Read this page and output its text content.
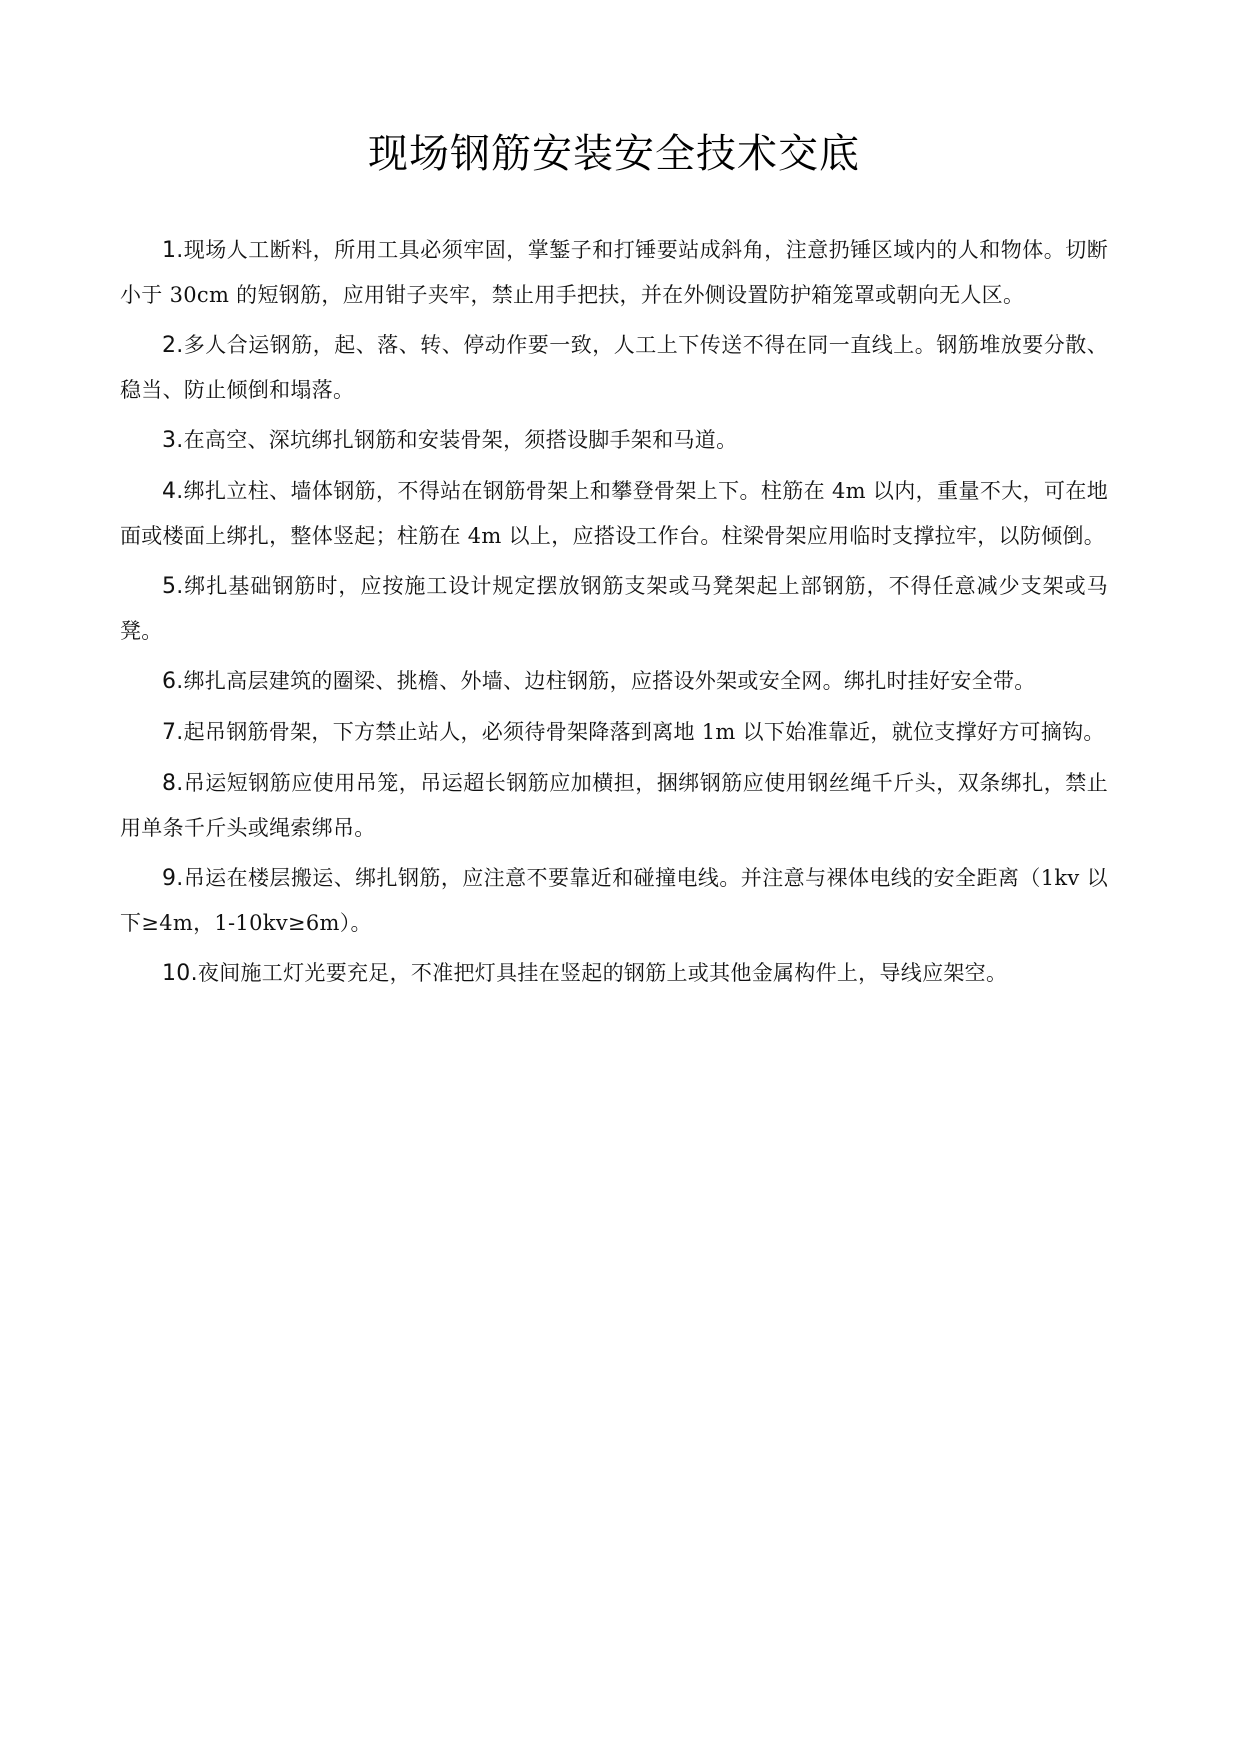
现场钢筋安装安全技术交底

1.现场人工断料，所用工具必须牢固，掌錾子和打锤要站成斜角，注意扔锤区域内的人和物体。切断小于 30cm 的短钢筋，应用钳子夹牢，禁止用手把扶，并在外侧设置防护箱笼罩或朝向无人区。

2.多人合运钢筋，起、落、转、停动作要一致，人工上下传送不得在同一直线上。钢筋堆放要分散、稳当、防止倾倒和塌落。

3.在高空、深坑绑扎钢筋和安装骨架，须搭设脚手架和马道。

4.绑扎立柱、墙体钢筋，不得站在钢筋骨架上和攀登骨架上下。柱筋在 4m 以内，重量不大，可在地面或楼面上绑扎，整体竖起；柱筋在 4m 以上，应搭设工作台。柱梁骨架应用临时支撑拉牢，以防倾倒。

5.绑扎基础钢筋时，应按施工设计规定摆放钢筋支架或马凳架起上部钢筋，不得任意减少支架或马凳。

6.绑扎高层建筑的圈梁、挑檐、外墙、边柱钢筋，应搭设外架或安全网。绑扎时挂好安全带。

7.起吊钢筋骨架，下方禁止站人，必须待骨架降落到离地 1m 以下始准靠近，就位支撑好方可摘钩。

8.吊运短钢筋应使用吊笼，吊运超长钢筋应加横担，捆绑钢筋应使用钢丝绳千斤头，双条绑扎，禁止用单条千斤头或绳索绑吊。

9.吊运在楼层搬运、绑扎钢筋，应注意不要靠近和碰撞电线。并注意与裸体电线的安全距离（1kv 以下≥4m，1-10kv≥6m）。

10.夜间施工灯光要充足，不准把灯具挂在竖起的钢筋上或其他金属构件上，导线应架空。
